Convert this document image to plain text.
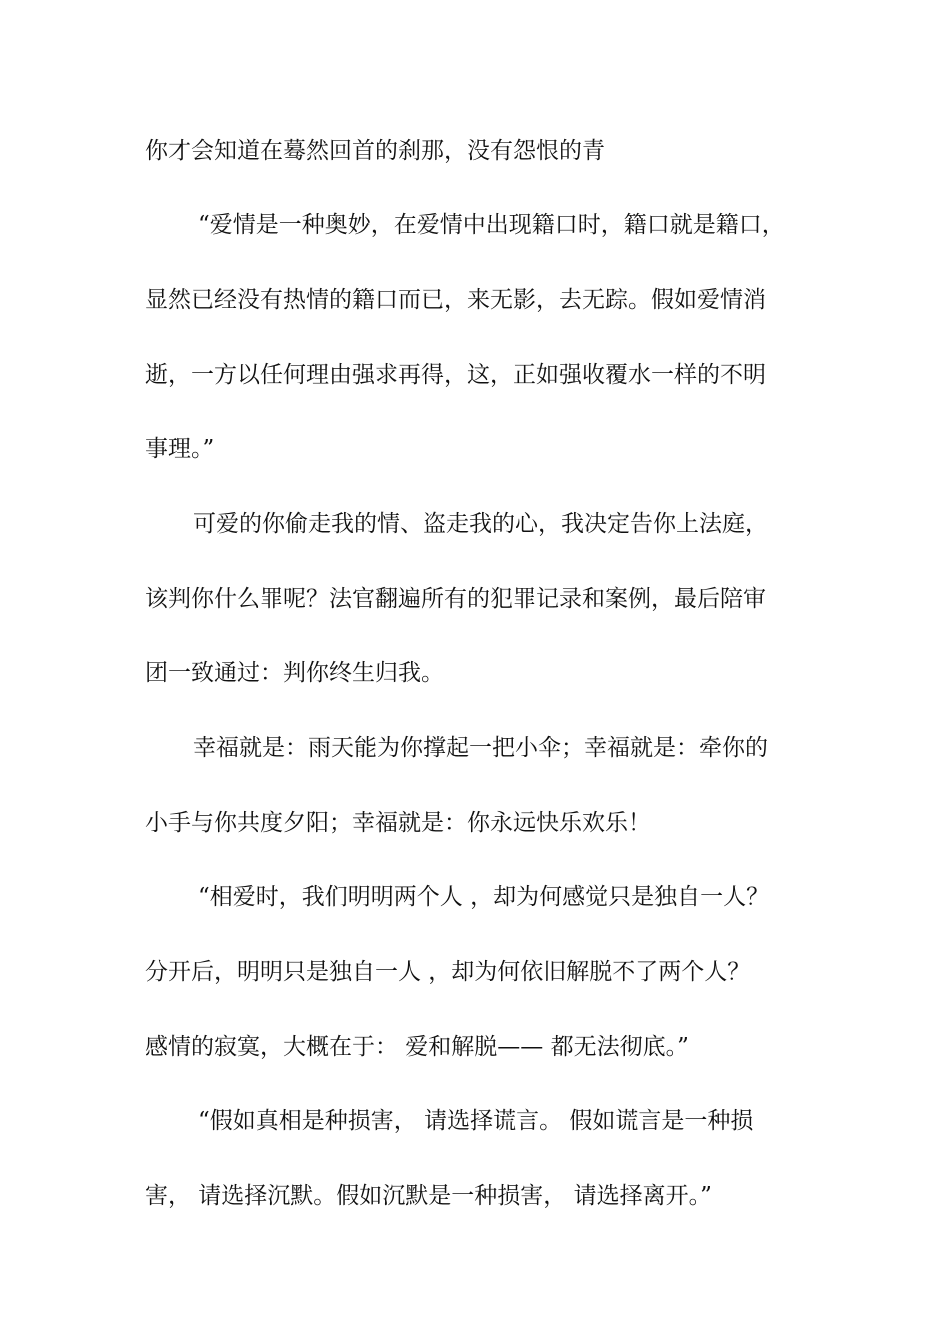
你才会知道在蓦然回首的刹那，没有怨恨的青
“爱情是一种奥妙，在爱情中出现籍口时，籍口就是籍口，
显然已经没有热情的籍口而已，来无影，去无踪。假如爱情消
逝，一方以任何理由强求再得，这，正如强收覆水一样的不明
事理。”
可爱的你偷走我的情、盗走我的心，我决定告你上法庭，
该判你什么罪呢？法官翻遍所有的犯罪记录和案例，最后陪审
团一致通过：判你终生归我。
幸福就是：雨天能为你撑起一把小伞；幸福就是：牵你的
小手与你共度夕阳；幸福就是：你永远快乐欢乐！
“相爱时，我们明明两个人 ，却为何感觉只是独自一人？
分开后，明明只是独自一人 ，却为何依旧解脱不了两个人？
感情的寂寞，大概在于： 爱和解脱—— 都无法彻底。”
“假如真相是种损害， 请选择谎言。 假如谎言是一种损
害， 请选择沉默。假如沉默是一种损害， 请选择离开。”
